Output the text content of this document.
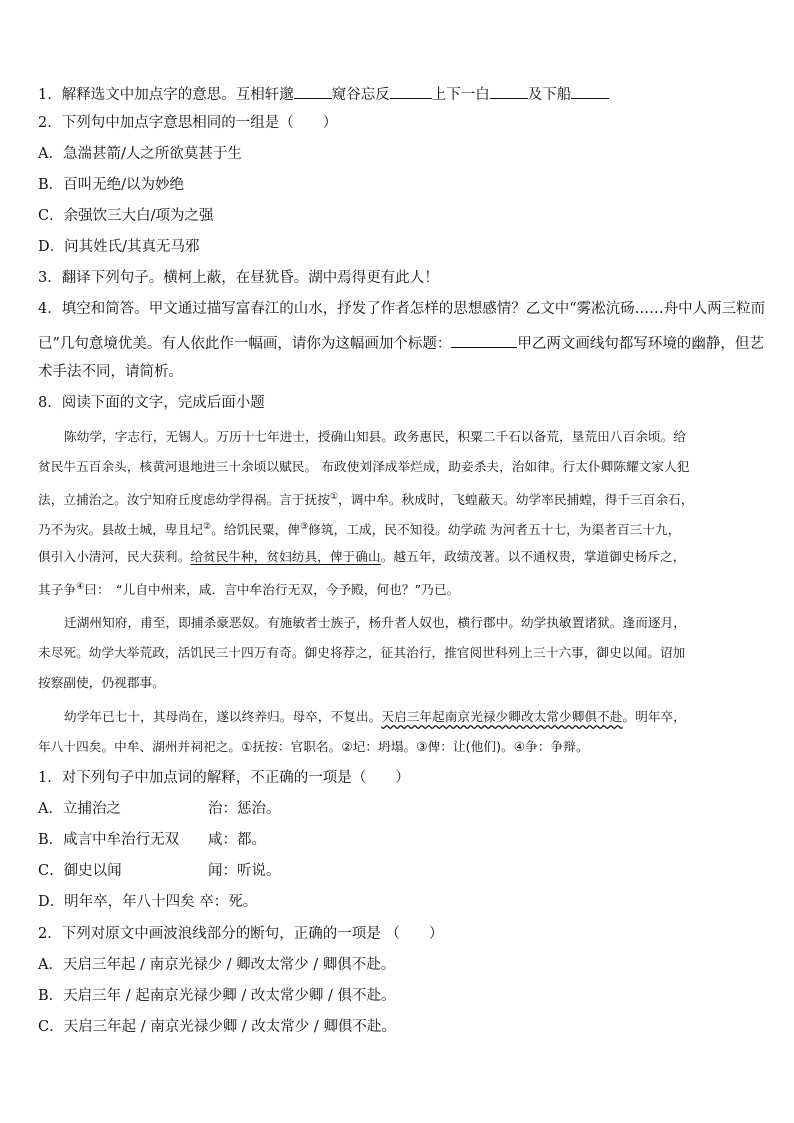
1．解释选文中加点字的意思。互相轩邈	窥谷忘反	上下一白	及下船
2．下列句中加点字意思相同的一组是（　　）
A．急湍甚箭/人之所欲莫甚于生
B．百叫无绝/以为妙绝
C．余强饮三大白/项为之强
D．问其姓氏/其真无马邪
3．翻译下列句子。横柯上蔽，在昼犹昏。湖中焉得更有此人！
4．填空和简答。甲文通过描写富春江的山水，抒发了作者怎样的思想感情？乙文中“雾凇沆砀……舟中人两三粒而
已”几句意境优美。有人依此作一幅画，请你为这幅画加个标题：	甲乙两文画线句都写环境的幽静，但艺
术手法不同，请简析。
8．阅读下面的文字，完成后面小题
陈幼学，字志行，无锡人。万历十七年进士，授确山知县。政务惠民，积粟二千石以备荒，垦荒田八百余顷。给
贫民牛五百余头，核黄河退地进三十余顷以赋民。 布政使刘泽成举烂成，助妾杀夫，治如律。行太仆卿陈耀文家人犯
法，立捕治之。汝宁知府丘度虑幼学得祸。言于抚按①，调中牟。秋成时，飞蝗蔽天。幼学率民捕蝗，得千三百余石，
乃不为灾。县故土城，卑且圮②。给饥民粟，俾③修筑，工成，民不知役。幼学疏 为河者五十七，为渠者百三十九，
俱引入小清河，民大获利。给贫民牛种，贫妇纺具，俾于确山。越五年，政绩茂著。以不通权贵，掌道御史杨斥之，
其子争④曰：　“儿自中州来，咸．言中牟治行无双，今予殿，何也？”乃已。
迁湖州知府，甫至，即捕杀豪恶奴。有施敏者士族子，杨升者人奴也，横行郡中。幼学执敏置诸狱。逢而逐月，
未尽死。幼学大举荒政，活饥民三十四万有奇。御史将荐之，征其治行，推官阅世科列上三十六事，御史以闻。诏加
按察副使，仍视郡事。
幼学年已七十，其母尚在，遂以终养归。母卒，不复出。天启三年起南京光禄少卿改太常少卿俱不赴。明年卒，
年八十四矣。中牟、湖州并祠祀之。①抚按：官职名。②圮：坍塌。③俾：让(他们)。④争：争辩。
1．对下列句子中加点词的解释，不正确的一项是（　　）
A．立捕治之	治：惩治。
B．咸言中牟治行无双 咸：都。
C．御史以闻	闻：听说。
D．明年卒，年八十四矣 卒：死。
2．下列对原文中画波浪线部分的断句，正确的一项是 （　　）
A．天启三年起 / 南京光禄少 / 卿改太常少 / 卿俱不赴。
B．天启三年 / 起南京光禄少卿 / 改太常少卿 / 俱不赴。
C．天启三年起 / 南京光禄少卿 / 改太常少 / 卿俱不赴。
